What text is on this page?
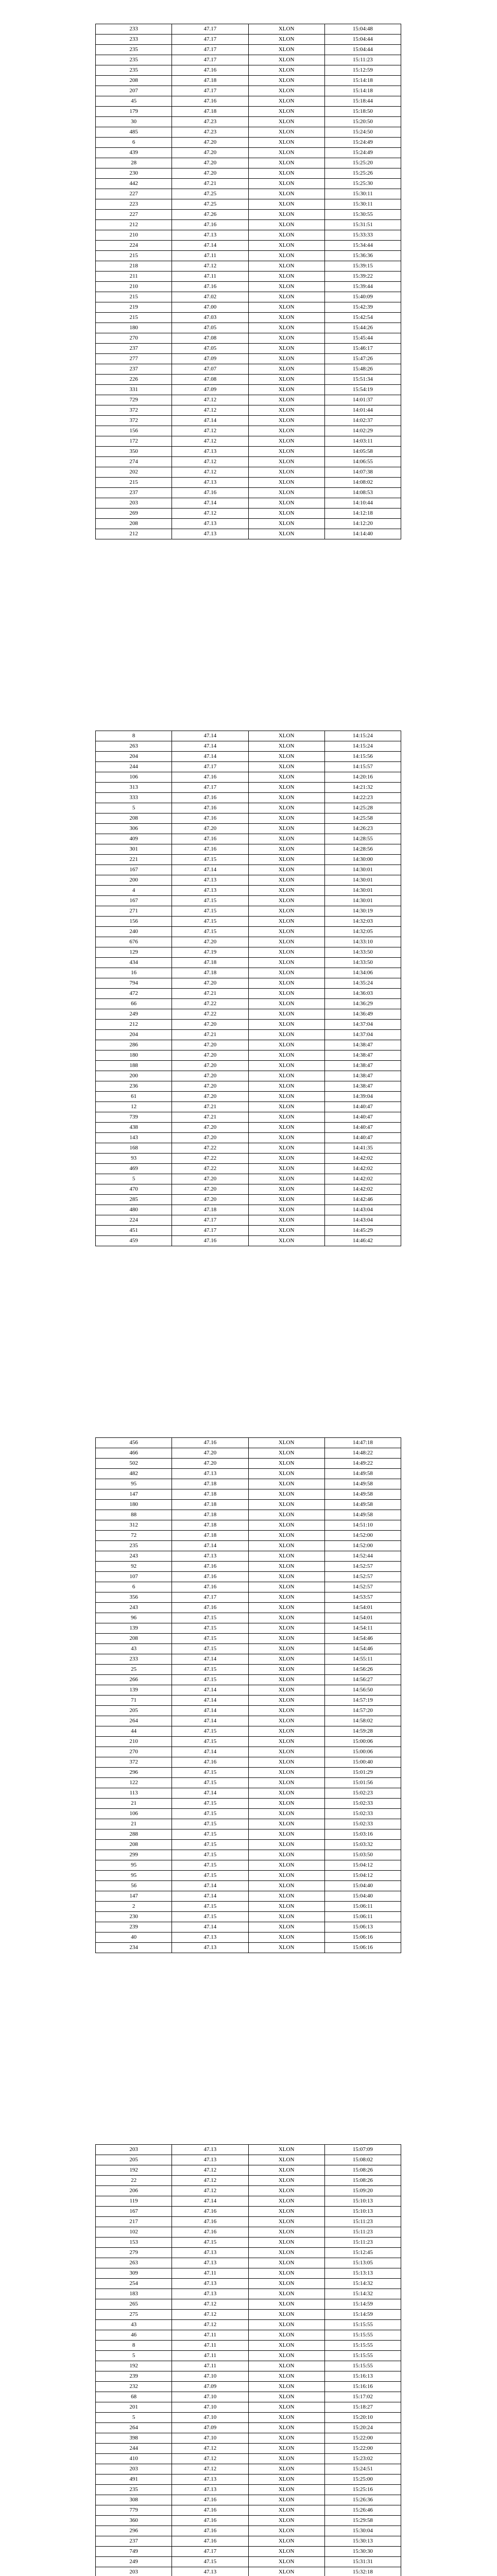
233	47.17	XLON	15:04:48
233	47.17	XLON	15:04:44
235	47.17	XLON	15:04:44
235	47.17	XLON	15:11:23
235	47.16	XLON	15:12:59
208	47.18	XLON	15:14:18
207	47.17	XLON	15:14:18
45	47.16	XLON	15:18:44
179	47.18	XLON	15:18:50
30	47.23	XLON	15:20:50
485	47.23	XLON	15:24:50
6	47.20	XLON	15:24:49
439	47.20	XLON	15:24:49
28	47.20	XLON	15:25:20
230	47.20	XLON	15:25:26
442	47.21	XLON	15:25:30
227	47.25	XLON	15:30:11
223	47.25	XLON	15:30:11
227	47.26	XLON	15:30:55
212	47.16	XLON	15:31:51
210	47.13	XLON	15:33:33
224	47.14	XLON	15:34:44
215	47.11	XLON	15:36:36
218	47.12	XLON	15:39:15
211	47.11	XLON	15:39:22
210	47.16	XLON	15:39:44
215	47.02	XLON	15:40:09
219	47.00	XLON	15:42:39
215	47.03	XLON	15:42:54
180	47.05	XLON	15:44:26
270	47.08	XLON	15:45:44
237	47.05	XLON	15:46:17
277	47.09	XLON	15:47:26
237	47.07	XLON	15:48:26
226	47.08	XLON	15:51:34
331	47.09	XLON	15:54:19
729	47.12	XLON	14:01:37
372	47.12	XLON	14:01:44
372	47.14	XLON	14:02:37
156	47.12	XLON	14:02:29
172	47.12	XLON	14:03:11
350	47.13	XLON	14:05:58
274	47.12	XLON	14:06:55
202	47.12	XLON	14:07:38
215	47.13	XLON	14:08:02
237	47.16	XLON	14:08:53
203	47.14	XLON	14:10:44
269	47.12	XLON	14:12:18
208	47.13	XLON	14:12:20
212	47.13	XLON	14:14:40
8	47.14	XLON	14:15:24
263	47.14	XLON	14:15:24
204	47.14	XLON	14:15:56
244	47.17	XLON	14:15:57
106	47.16	XLON	14:20:16
313	47.17	XLON	14:21:32
333	47.16	XLON	14:22:23
5	47.16	XLON	14:25:28
208	47.16	XLON	14:25:58
306	47.20	XLON	14:26:23
409	47.16	XLON	14:28:55
301	47.16	XLON	14:28:56
221	47.15	XLON	14:30:00
167	47.14	XLON	14:30:01
200	47.13	XLON	14:30:01
4	47.13	XLON	14:30:01
167	47.15	XLON	14:30:01
271	47.15	XLON	14:30:19
156	47.15	XLON	14:32:03
240	47.15	XLON	14:32:05
676	47.20	XLON	14:33:10
129	47.19	XLON	14:33:50
434	47.18	XLON	14:33:50
16	47.18	XLON	14:34:06
794	47.20	XLON	14:35:24
472	47.21	XLON	14:36:03
66	47.22	XLON	14:36:29
249	47.22	XLON	14:36:49
212	47.20	XLON	14:37:04
204	47.21	XLON	14:37:04
286	47.20	XLON	14:38:47
180	47.20	XLON	14:38:47
188	47.20	XLON	14:38:47
200	47.20	XLON	14:38:47
236	47.20	XLON	14:38:47
61	47.20	XLON	14:39:04
12	47.21	XLON	14:40:47
739	47.21	XLON	14:40:47
438	47.20	XLON	14:40:47
143	47.20	XLON	14:40:47
168	47.22	XLON	14:41:35
93	47.22	XLON	14:42:02
469	47.22	XLON	14:42:02
5	47.20	XLON	14:42:02
470	47.20	XLON	14:42:02
285	47.20	XLON	14:42:46
480	47.18	XLON	14:43:04
224	47.17	XLON	14:43:04
451	47.17	XLON	14:45:29
459	47.16	XLON	14:46:42
456	47.16	XLON	14:47:18
466	47.20	XLON	14:48:22
502	47.20	XLON	14:49:22
482	47.13	XLON	14:49:58
95	47.18	XLON	14:49:58
147	47.18	XLON	14:49:58
180	47.18	XLON	14:49:58
88	47.18	XLON	14:49:58
312	47.18	XLON	14:51:10
72	47.18	XLON	14:52:00
235	47.14	XLON	14:52:00
243	47.13	XLON	14:52:44
92	47.16	XLON	14:52:57
107	47.16	XLON	14:52:57
6	47.16	XLON	14:52:57
356	47.17	XLON	14:53:57
243	47.16	XLON	14:54:01
96	47.15	XLON	14:54:01
139	47.15	XLON	14:54:11
208	47.15	XLON	14:54:46
43	47.15	XLON	14:54:46
233	47.14	XLON	14:55:11
25	47.15	XLON	14:56:26
266	47.15	XLON	14:56:27
139	47.14	XLON	14:56:50
71	47.14	XLON	14:57:19
205	47.14	XLON	14:57:20
264	47.14	XLON	14:58:02
44	47.15	XLON	14:59:28
210	47.15	XLON	15:00:06
270	47.14	XLON	15:00:06
372	47.16	XLON	15:00:40
296	47.15	XLON	15:01:29
122	47.15	XLON	15:01:56
113	47.14	XLON	15:02:23
21	47.15	XLON	15:02:33
106	47.15	XLON	15:02:33
21	47.15	XLON	15:02:33
288	47.15	XLON	15:03:16
208	47.15	XLON	15:03:32
299	47.15	XLON	15:03:50
95	47.15	XLON	15:04:12
95	47.15	XLON	15:04:12
56	47.14	XLON	15:04:40
147	47.14	XLON	15:04:40
2	47.15	XLON	15:06:11
230	47.15	XLON	15:06:11
239	47.14	XLON	15:06:13
40	47.13	XLON	15:06:16
234	47.13	XLON	15:06:16
203	47.13	XLON	15:07:09
205	47.13	XLON	15:08:02
192	47.12	XLON	15:08:26
22	47.12	XLON	15:08:26
206	47.12	XLON	15:09:20
119	47.14	XLON	15:10:13
167	47.16	XLON	15:10:13
217	47.16	XLON	15:11:23
102	47.16	XLON	15:11:23
153	47.15	XLON	15:11:23
279	47.13	XLON	15:12:45
263	47.13	XLON	15:13:05
309	47.11	XLON	15:13:13
254	47.13	XLON	15:14:32
183	47.13	XLON	15:14:32
265	47.12	XLON	15:14:59
275	47.12	XLON	15:14:59
43	47.12	XLON	15:15:55
46	47.11	XLON	15:15:55
8	47.11	XLON	15:15:55
5	47.11	XLON	15:15:55
192	47.11	XLON	15:15:55
239	47.10	XLON	15:16:13
232	47.09	XLON	15:16:16
68	47.10	XLON	15:17:02
201	47.10	XLON	15:18:27
5	47.10	XLON	15:20:10
264	47.09	XLON	15:20:24
398	47.10	XLON	15:22:00
244	47.12	XLON	15:22:00
410	47.12	XLON	15:23:02
203	47.12	XLON	15:24:51
491	47.13	XLON	15:25:00
235	47.13	XLON	15:25:16
308	47.16	XLON	15:26:36
779	47.16	XLON	15:26:46
360	47.16	XLON	15:29:58
296	47.16	XLON	15:30:04
237	47.16	XLON	15:30:13
749	47.17	XLON	15:30:30
249	47.15	XLON	15:31:31
203	47.13	XLON	15:32:18
